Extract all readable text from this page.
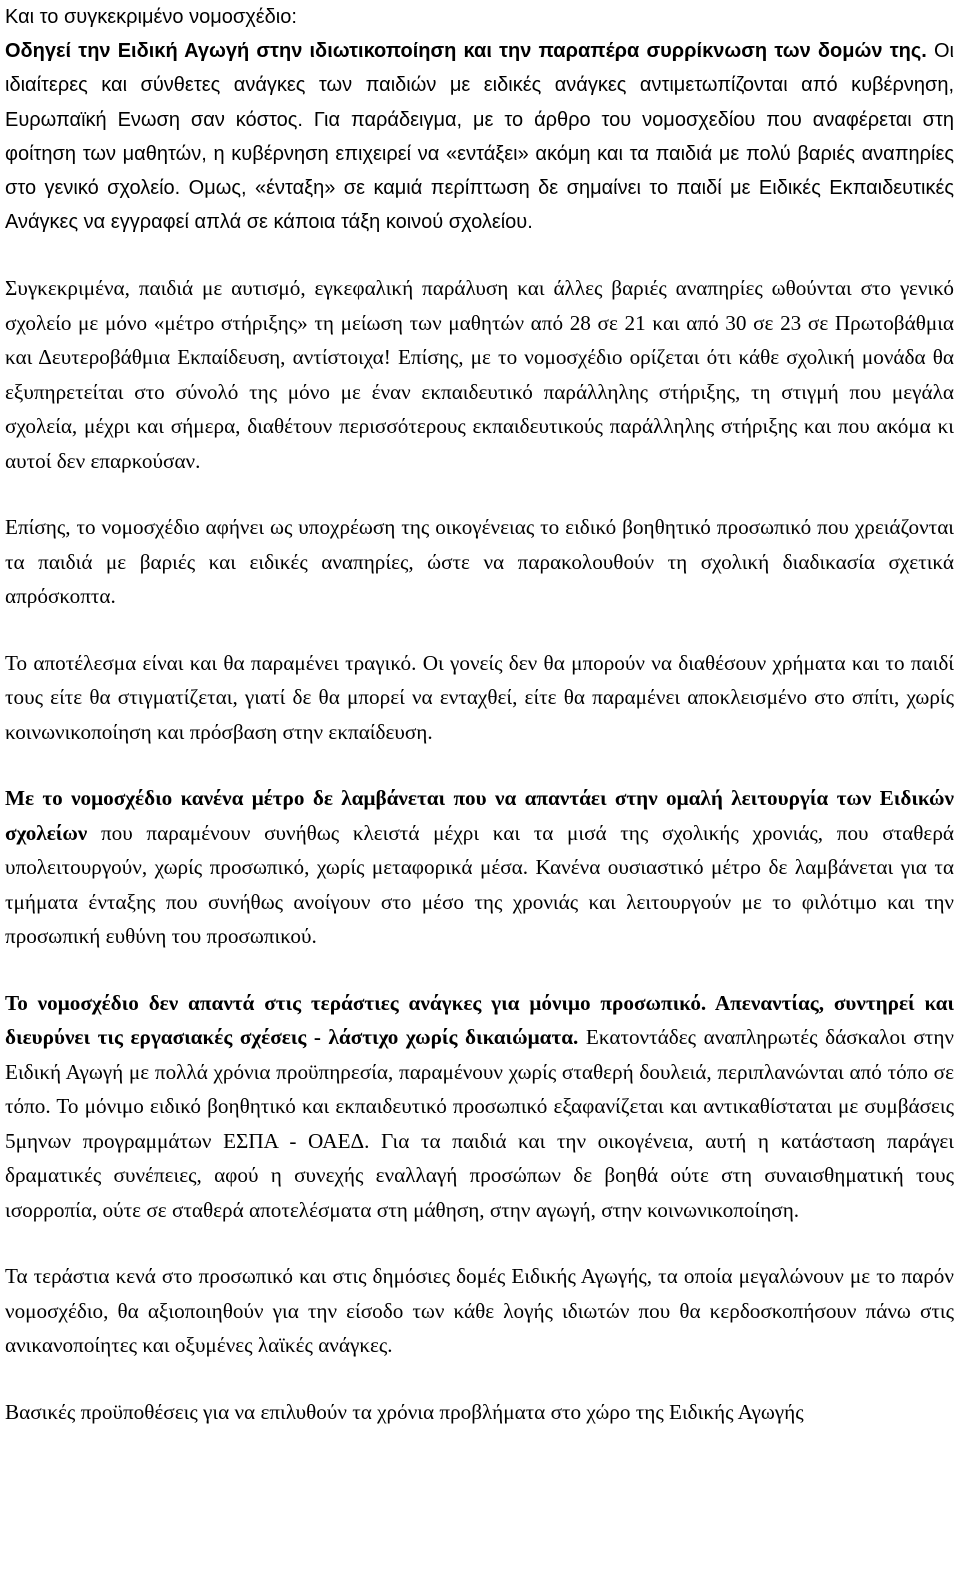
Και το συγκεκριμένο νομοσχέδιο:

Οδηγεί την Ειδική Αγωγή στην ιδιωτικοποίηση και την παραπέρα συρρίκνωση των δομών της. Οι ιδιαίτερες και σύνθετες ανάγκες των παιδιών με ειδικές ανάγκες αντιμετωπίζονται από κυβέρνηση, Ευρωπαϊκή Ενωση σαν κόστος. Για παράδειγμα, με το άρθρο του νομοσχεδίου που αναφέρεται στη φοίτηση των μαθητών, η κυβέρνηση επιχειρεί να «εντάξει» ακόμη και τα παιδιά με πολύ βαριές αναπηρίες στο γενικό σχολείο. Ομως, «ένταξη» σε καμιά περίπτωση δε σημαίνει το παιδί με Ειδικές Εκπαιδευτικές Ανάγκες να εγγραφεί απλά σε κάποια τάξη κοινού σχολείου.

Συγκεκριμένα, παιδιά με αυτισμό, εγκεφαλική παράλυση και άλλες βαριές αναπηρίες ωθούνται στο γενικό σχολείο με μόνο «μέτρο στήριξης» τη μείωση των μαθητών από 28 σε 21 και από 30 σε 23 σε Πρωτοβάθμια και Δευτεροβάθμια Εκπαίδευση, αντίστοιχα! Επίσης, με το νομοσχέδιο ορίζεται ότι κάθε σχολική μονάδα θα εξυπηρετείται στο σύνολό της μόνο με έναν εκπαιδευτικό παράλληλης στήριξης, τη στιγμή που μεγάλα σχολεία, μέχρι και σήμερα, διαθέτουν περισσότερους εκπαιδευτικούς παράλληλης στήριξης και που ακόμα κι αυτοί δεν επαρκούσαν.

Επίσης, το νομοσχέδιο αφήνει ως υποχρέωση της οικογένειας το ειδικό βοηθητικό προσωπικό που χρειάζονται τα παιδιά με βαριές και ειδικές αναπηρίες, ώστε να παρακολουθούν τη σχολική διαδικασία σχετικά απρόσκοπτα.

Το αποτέλεσμα είναι και θα παραμένει τραγικό. Οι γονείς δεν θα μπορούν να διαθέσουν χρήματα και το παιδί τους είτε θα στιγματίζεται, γιατί δε θα μπορεί να ενταχθεί, είτε θα παραμένει αποκλεισμένο στο σπίτι, χωρίς κοινωνικοποίηση και πρόσβαση στην εκπαίδευση.

Με το νομοσχέδιο κανένα μέτρο δε λαμβάνεται που να απαντάει στην ομαλή λειτουργία των Ειδικών σχολείων που παραμένουν συνήθως κλειστά μέχρι και τα μισά της σχολικής χρονιάς, που σταθερά υπολειτουργούν, χωρίς προσωπικό, χωρίς μεταφορικά μέσα. Κανένα ουσιαστικό μέτρο δε λαμβάνεται για τα τμήματα ένταξης που συνήθως ανοίγουν στο μέσο της χρονιάς και λειτουργούν με το φιλότιμο και την προσωπική ευθύνη του προσωπικού.

Το νομοσχέδιο δεν απαντά στις τεράστιες ανάγκες για μόνιμο προσωπικό. Απεναντίας, συντηρεί και διευρύνει τις εργασιακές σχέσεις - λάστιχο χωρίς δικαιώματα. Εκατοντάδες αναπληρωτές δάσκαλοι στην Ειδική Αγωγή με πολλά χρόνια προϋπηρεσία, παραμένουν χωρίς σταθερή δουλειά, περιπλανώνται από τόπο σε τόπο. Το μόνιμο ειδικό βοηθητικό και εκπαιδευτικό προσωπικό εξαφανίζεται και αντικαθίσταται με συμβάσεις 5μηνων προγραμμάτων ΕΣΠΑ - ΟΑΕΔ. Για τα παιδιά και την οικογένεια, αυτή η κατάσταση παράγει δραματικές συνέπειες, αφού η συνεχής εναλλαγή προσώπων δε βοηθά ούτε στη συναισθηματική τους ισορροπία, ούτε σε σταθερά αποτελέσματα στη μάθηση, στην αγωγή, στην κοινωνικοποίηση.

Τα τεράστια κενά στο προσωπικό και στις δημόσιες δομές Ειδικής Αγωγής, τα οποία μεγαλώνουν με το παρόν νομοσχέδιο, θα αξιοποιηθούν για την είσοδο των κάθε λογής ιδιωτών που θα κερδοσκοπήσουν πάνω στις ανικανοποίητες και οξυμένες λαϊκές ανάγκες.

Βασικές προϋποθέσεις για να επιλυθούν τα χρόνια προβλήματα στο χώρο της Ειδικής Αγωγής
